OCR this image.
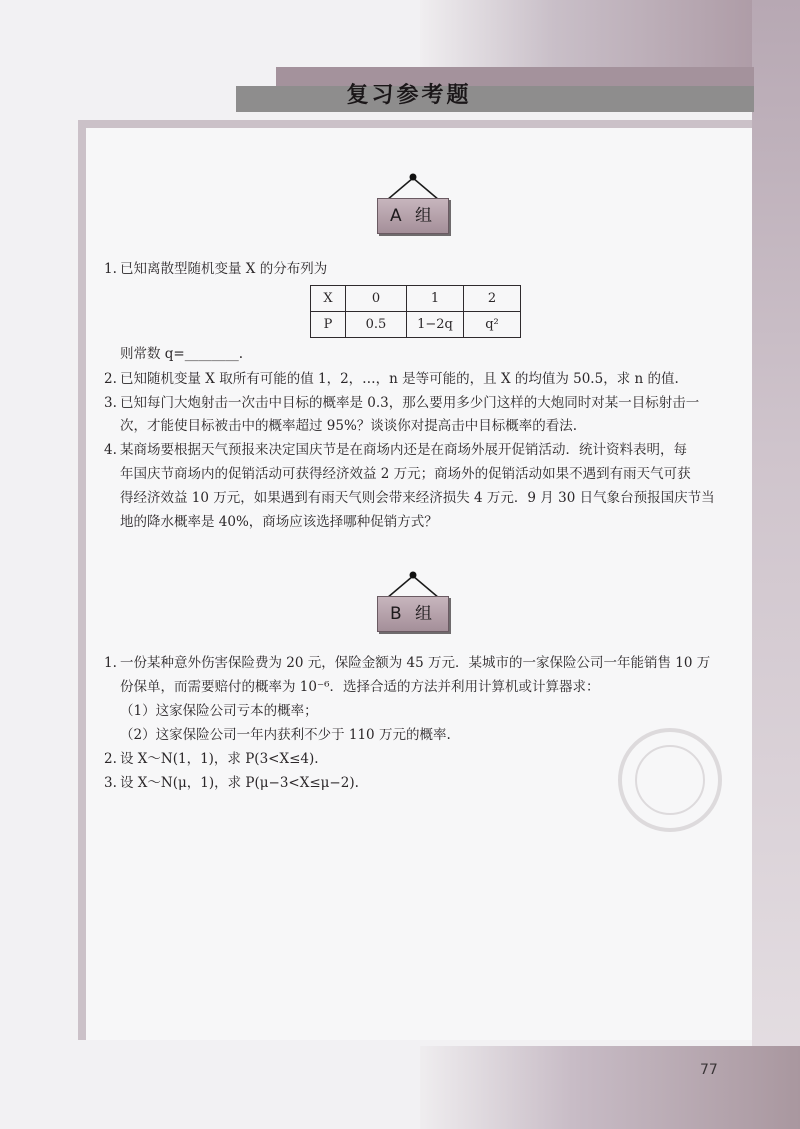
复习参考题
A 组
1. 已知离散型随机变量 X 的分布列为
X	0	1	2
P	0.5	1−2q	q²
则常数 q=________.
2. 已知随机变量 X 取所有可能的值 1，2，…，n 是等可能的，且 X 的均值为 50.5，求 n 的值.
3. 已知每门大炮射击一次击中目标的概率是 0.3，那么要用多少门这样的大炮同时对某一目标射击一
次，才能使目标被击中的概率超过 95%？谈谈你对提高击中目标概率的看法.
4. 某商场要根据天气预报来决定国庆节是在商场内还是在商场外展开促销活动．统计资料表明，每
年国庆节商场内的促销活动可获得经济效益 2 万元；商场外的促销活动如果不遇到有雨天气可获
得经济效益 10 万元，如果遇到有雨天气则会带来经济损失 4 万元．9 月 30 日气象台预报国庆节当
地的降水概率是 40%，商场应该选择哪种促销方式？
B 组
1. 一份某种意外伤害保险费为 20 元，保险金额为 45 万元．某城市的一家保险公司一年能销售 10 万
份保单，而需要赔付的概率为 10⁻⁶．选择合适的方法并利用计算机或计算器求：
（1）这家保险公司亏本的概率；
（2）这家保险公司一年内获利不少于 110 万元的概率.
2. 设 X～N(1，1)，求 P(3<X≤4).
3. 设 X～N(μ，1)，求 P(μ−3<X≤μ−2).
77
